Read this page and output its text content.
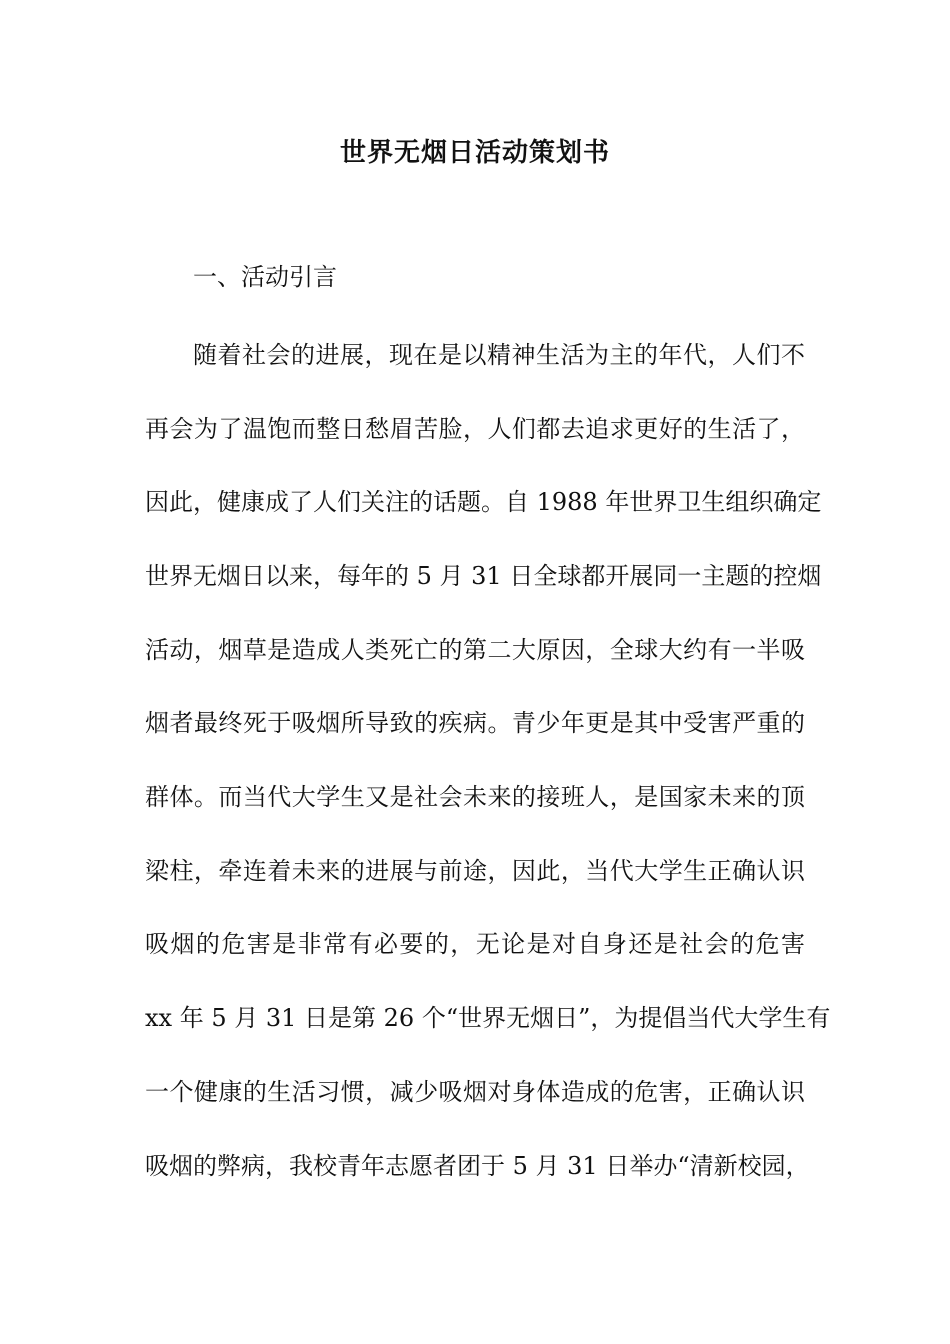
世界无烟日活动策划书
一、活动引言
随着社会的进展，现在是以精神生活为主的年代，人们不
再会为了温饱而整日愁眉苦脸，人们都去追求更好的生活了，
因此，健康成了人们关注的话题。自 1988 年世界卫生组织确定
世界无烟日以来，每年的 5 月 31 日全球都开展同一主题的控烟
活动，烟草是造成人类死亡的第二大原因，全球大约有一半吸
烟者最终死于吸烟所导致的疾病。青少年更是其中受害严重的
群体。而当代大学生又是社会未来的接班人，是国家未来的顶
梁柱，牵连着未来的进展与前途，因此，当代大学生正确认识
吸烟的危害是非常有必要的，无论是对自身还是社会的危害
xx 年 5 月 31 日是第 26 个“世界无烟日”，为提倡当代大学生有
一个健康的生活习惯，减少吸烟对身体造成的危害，正确认识
吸烟的弊病，我校青年志愿者团于 5 月 31 日举办“清新校园，
